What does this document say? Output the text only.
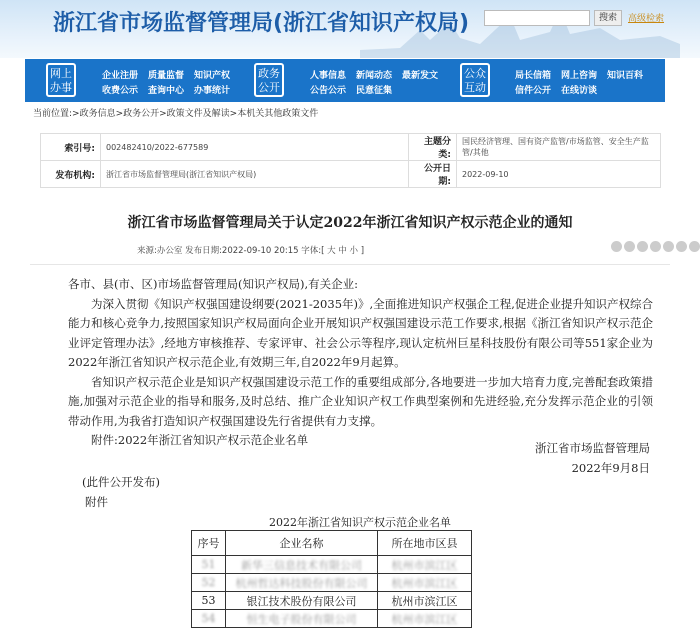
浙江省市场监督管理局(浙江省知识产权局)	搜索	高级检索
网上办事
企业注册 质量监督 知识产权
收费公示 查询中心 办事统计
政务公开
人事信息 新闻动态 最新发文
公告公示 民意征集
公众互动
局长信箱 网上咨询 知识百科
信件公开 在线访谈
当前位置:>政务信息>政务公开>政策文件及解读>本机关其他政策文件
索引号:	002482410/2022-677589	主题分类:	国民经济管理、国有资产监管/市场监管、安全生产监管/其他
发布机构:	浙江省市场监督管理局(浙江省知识产权局)	公开日期:	2022-09-10
浙江省市场监督管理局关于认定2022年浙江省知识产权示范企业的通知
来源:办公室 发布日期:2022-09-10 20:15 字体:[ 大 中 小 ]

各市、县(市、区)市场监督管理局(知识产权局),有关企业:

为深入贯彻《知识产权强国建设纲要(2021-2035年)》,全面推进知识产权强企工程,促进企业提升知识产权综合能力和核心竞争力,按照国家知识产权局面向企业开展知识产权强国建设示范工作要求,根据《浙江省知识产权示范企业评定管理办法》,经地方审核推荐、专家评审、社会公示等程序,现认定杭州巨星科技股份有限公司等551家企业为2022年浙江省知识产权示范企业,有效期三年,自2022年9月起算。

省知识产权示范企业是知识产权强国建设示范工作的重要组成部分,各地要进一步加大培育力度,完善配套政策措施,加强对示范企业的指导和服务,及时总结、推广企业知识产权工作典型案例和先进经验,充分发挥示范企业的引领带动作用,为我省打造知识产权强国建设先行省提供有力支撑。

附件:2022年浙江省知识产权示范企业名单

浙江省市场监督管理局
2022年9月8日
(此件公开发布)
附件
2022年浙江省知识产权示范企业名单
序号	企业名称	所在地市区县
51	新华三信息技术有限公司	杭州市滨江区
52	杭州哲达科技股份有限公司	杭州市滨江区
53	银江技术股份有限公司	杭州市滨江区
54	恒生电子股份有限公司	杭州市滨江区
